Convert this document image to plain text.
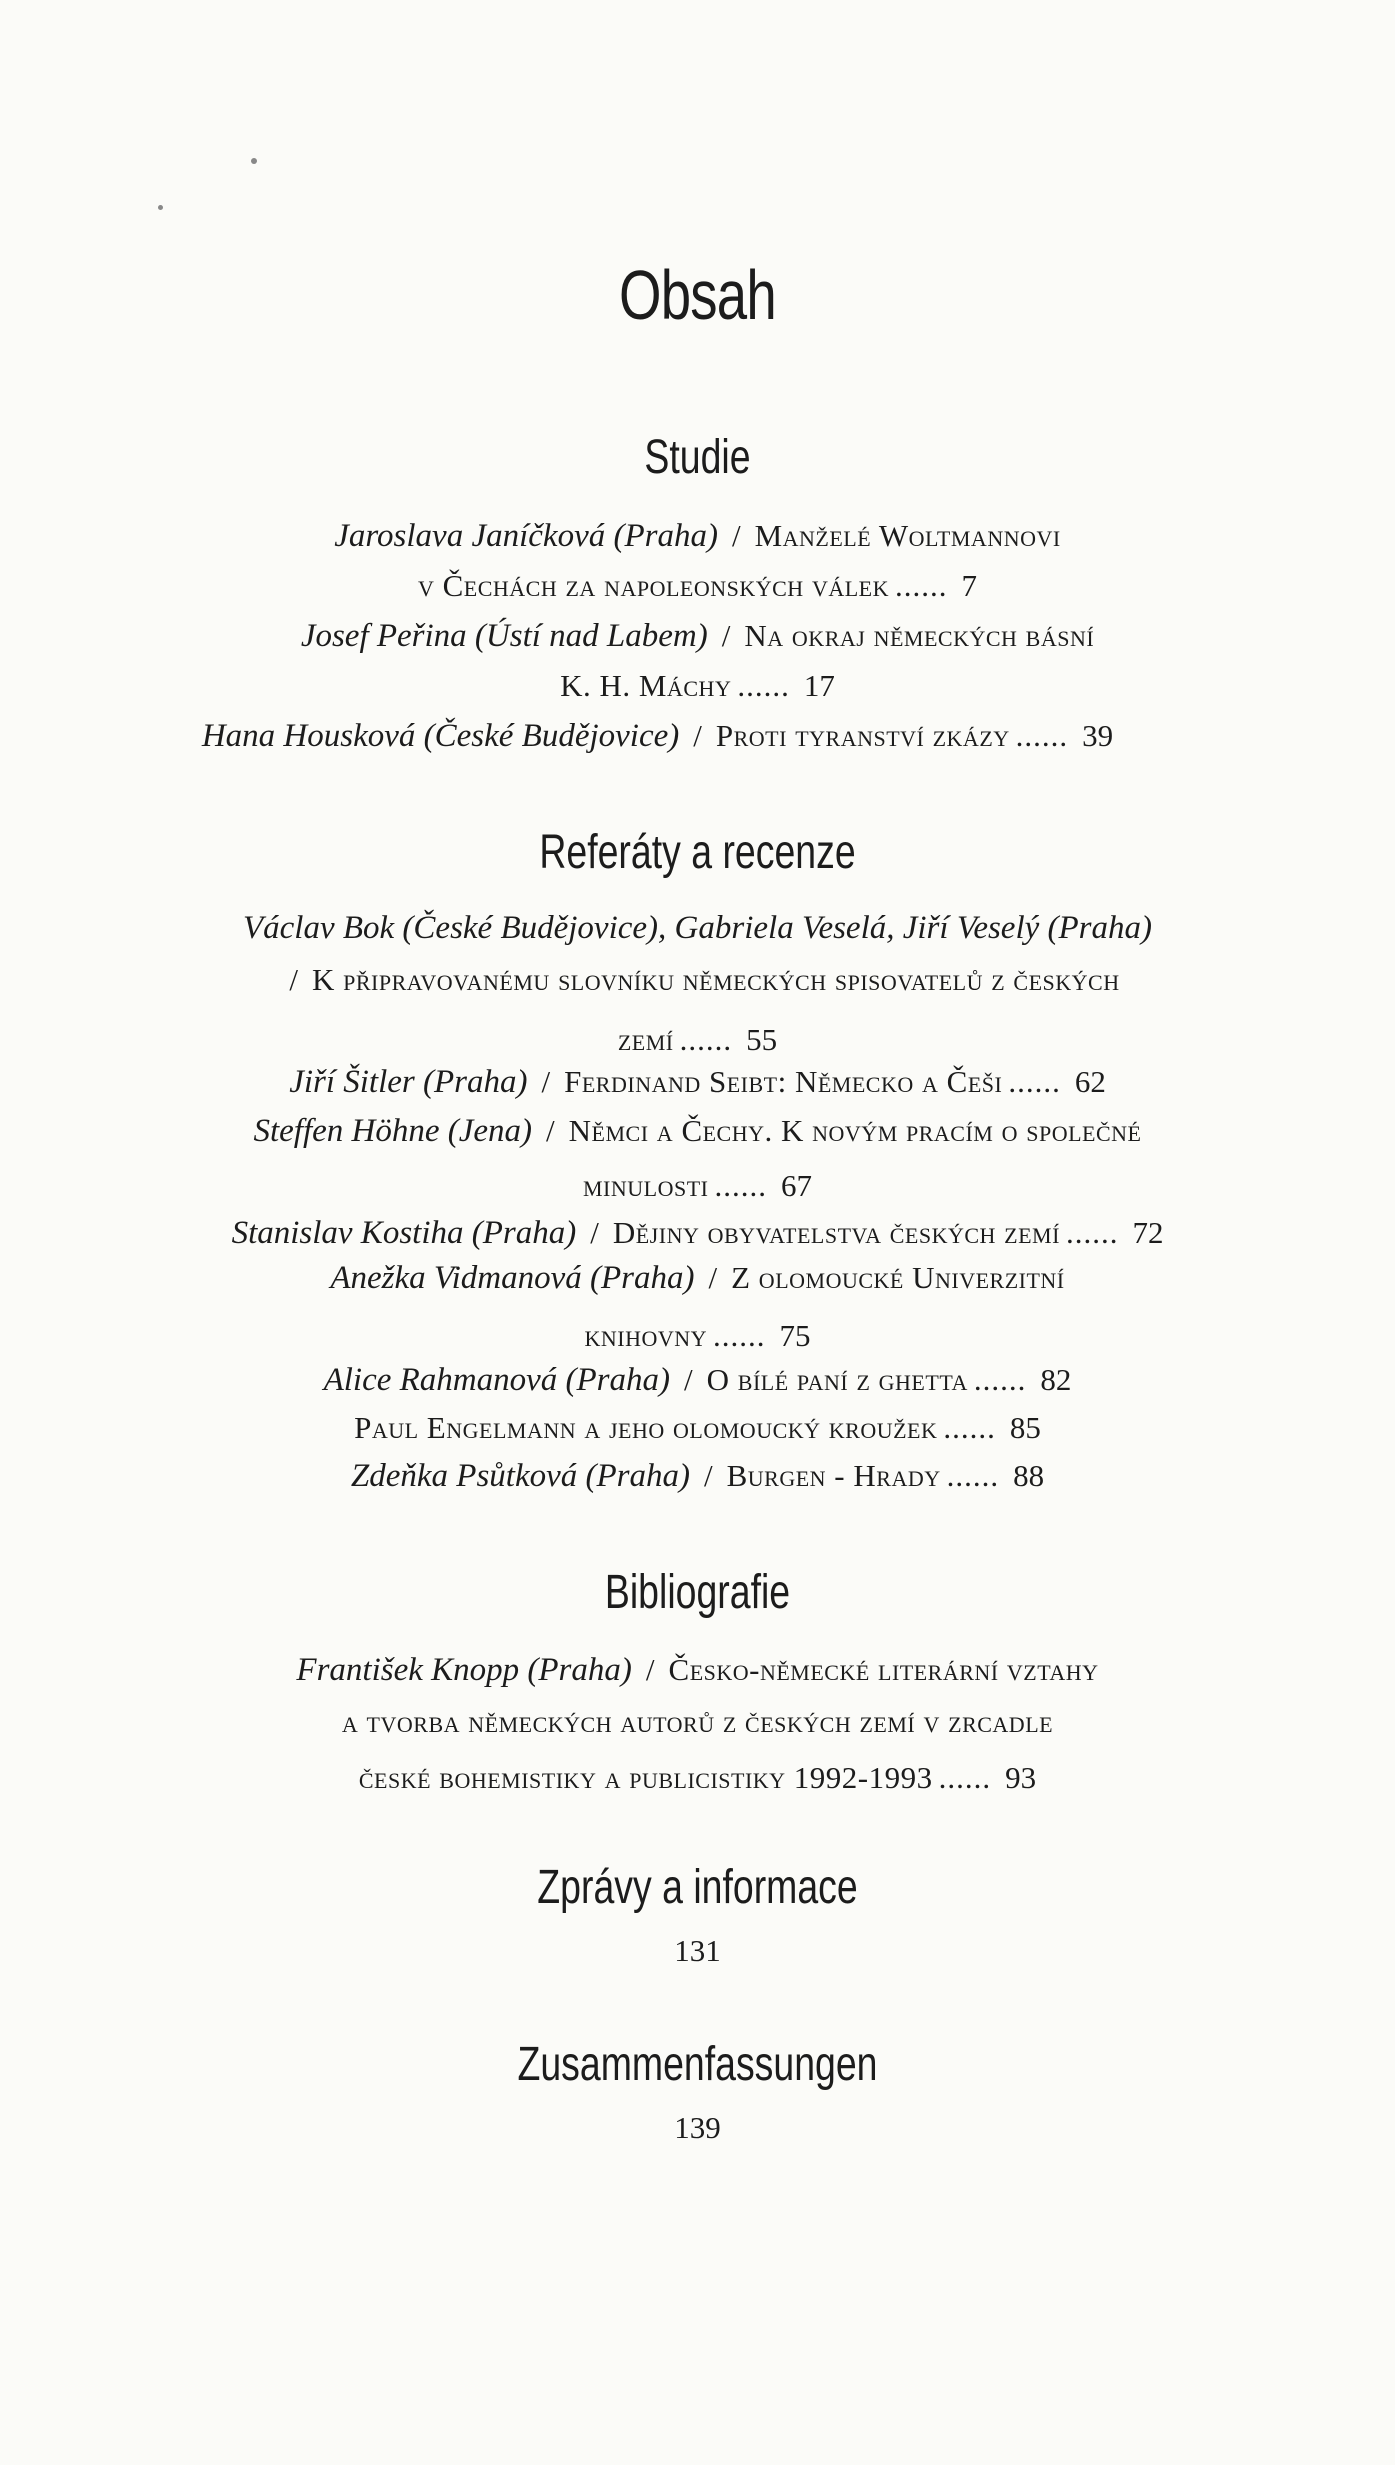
Obsah
Studie
Jaroslava Janíčková (Praha) / Manželé Woltmannovi
v Čechách za napoleonských válek ...... 7
Josef Peřina (Ústí nad Labem) / Na okraj německých básní
K. H. Máchy ...... 17
Hana Housková (České Budějovice) / Proti tyranství zkázy ...... 39
Referáty a recenze
Václav Bok (České Budějovice), Gabriela Veselá, Jiří Veselý (Praha)
/ K připravovanému slovníku německých spisovatelů z českých
zemí ...... 55
Jiří Šitler (Praha) / Ferdinand Seibt: Německo a Češi ...... 62
Steffen Höhne (Jena) / Němci a Čechy. K novým pracím o společné
minulosti ...... 67
Stanislav Kostiha (Praha) / Dějiny obyvatelstva českých zemí ...... 72
Anežka Vidmanová (Praha) / Z olomoucké Univerzitní
knihovny ...... 75
Alice Rahmanová (Praha) / O bílé paní z ghetta ...... 82
Paul Engelmann a jeho olomoucký kroužek ...... 85
Zdeňka Psůtková (Praha) / Burgen - Hrady ...... 88
Bibliografie
František Knopp (Praha) / Česko-německé literární vztahy
a tvorba německých autorů z českých zemí v zrcadle
české bohemistiky a publicistiky 1992-1993 ...... 93
Zprávy a informace
131
Zusammenfassungen
139
